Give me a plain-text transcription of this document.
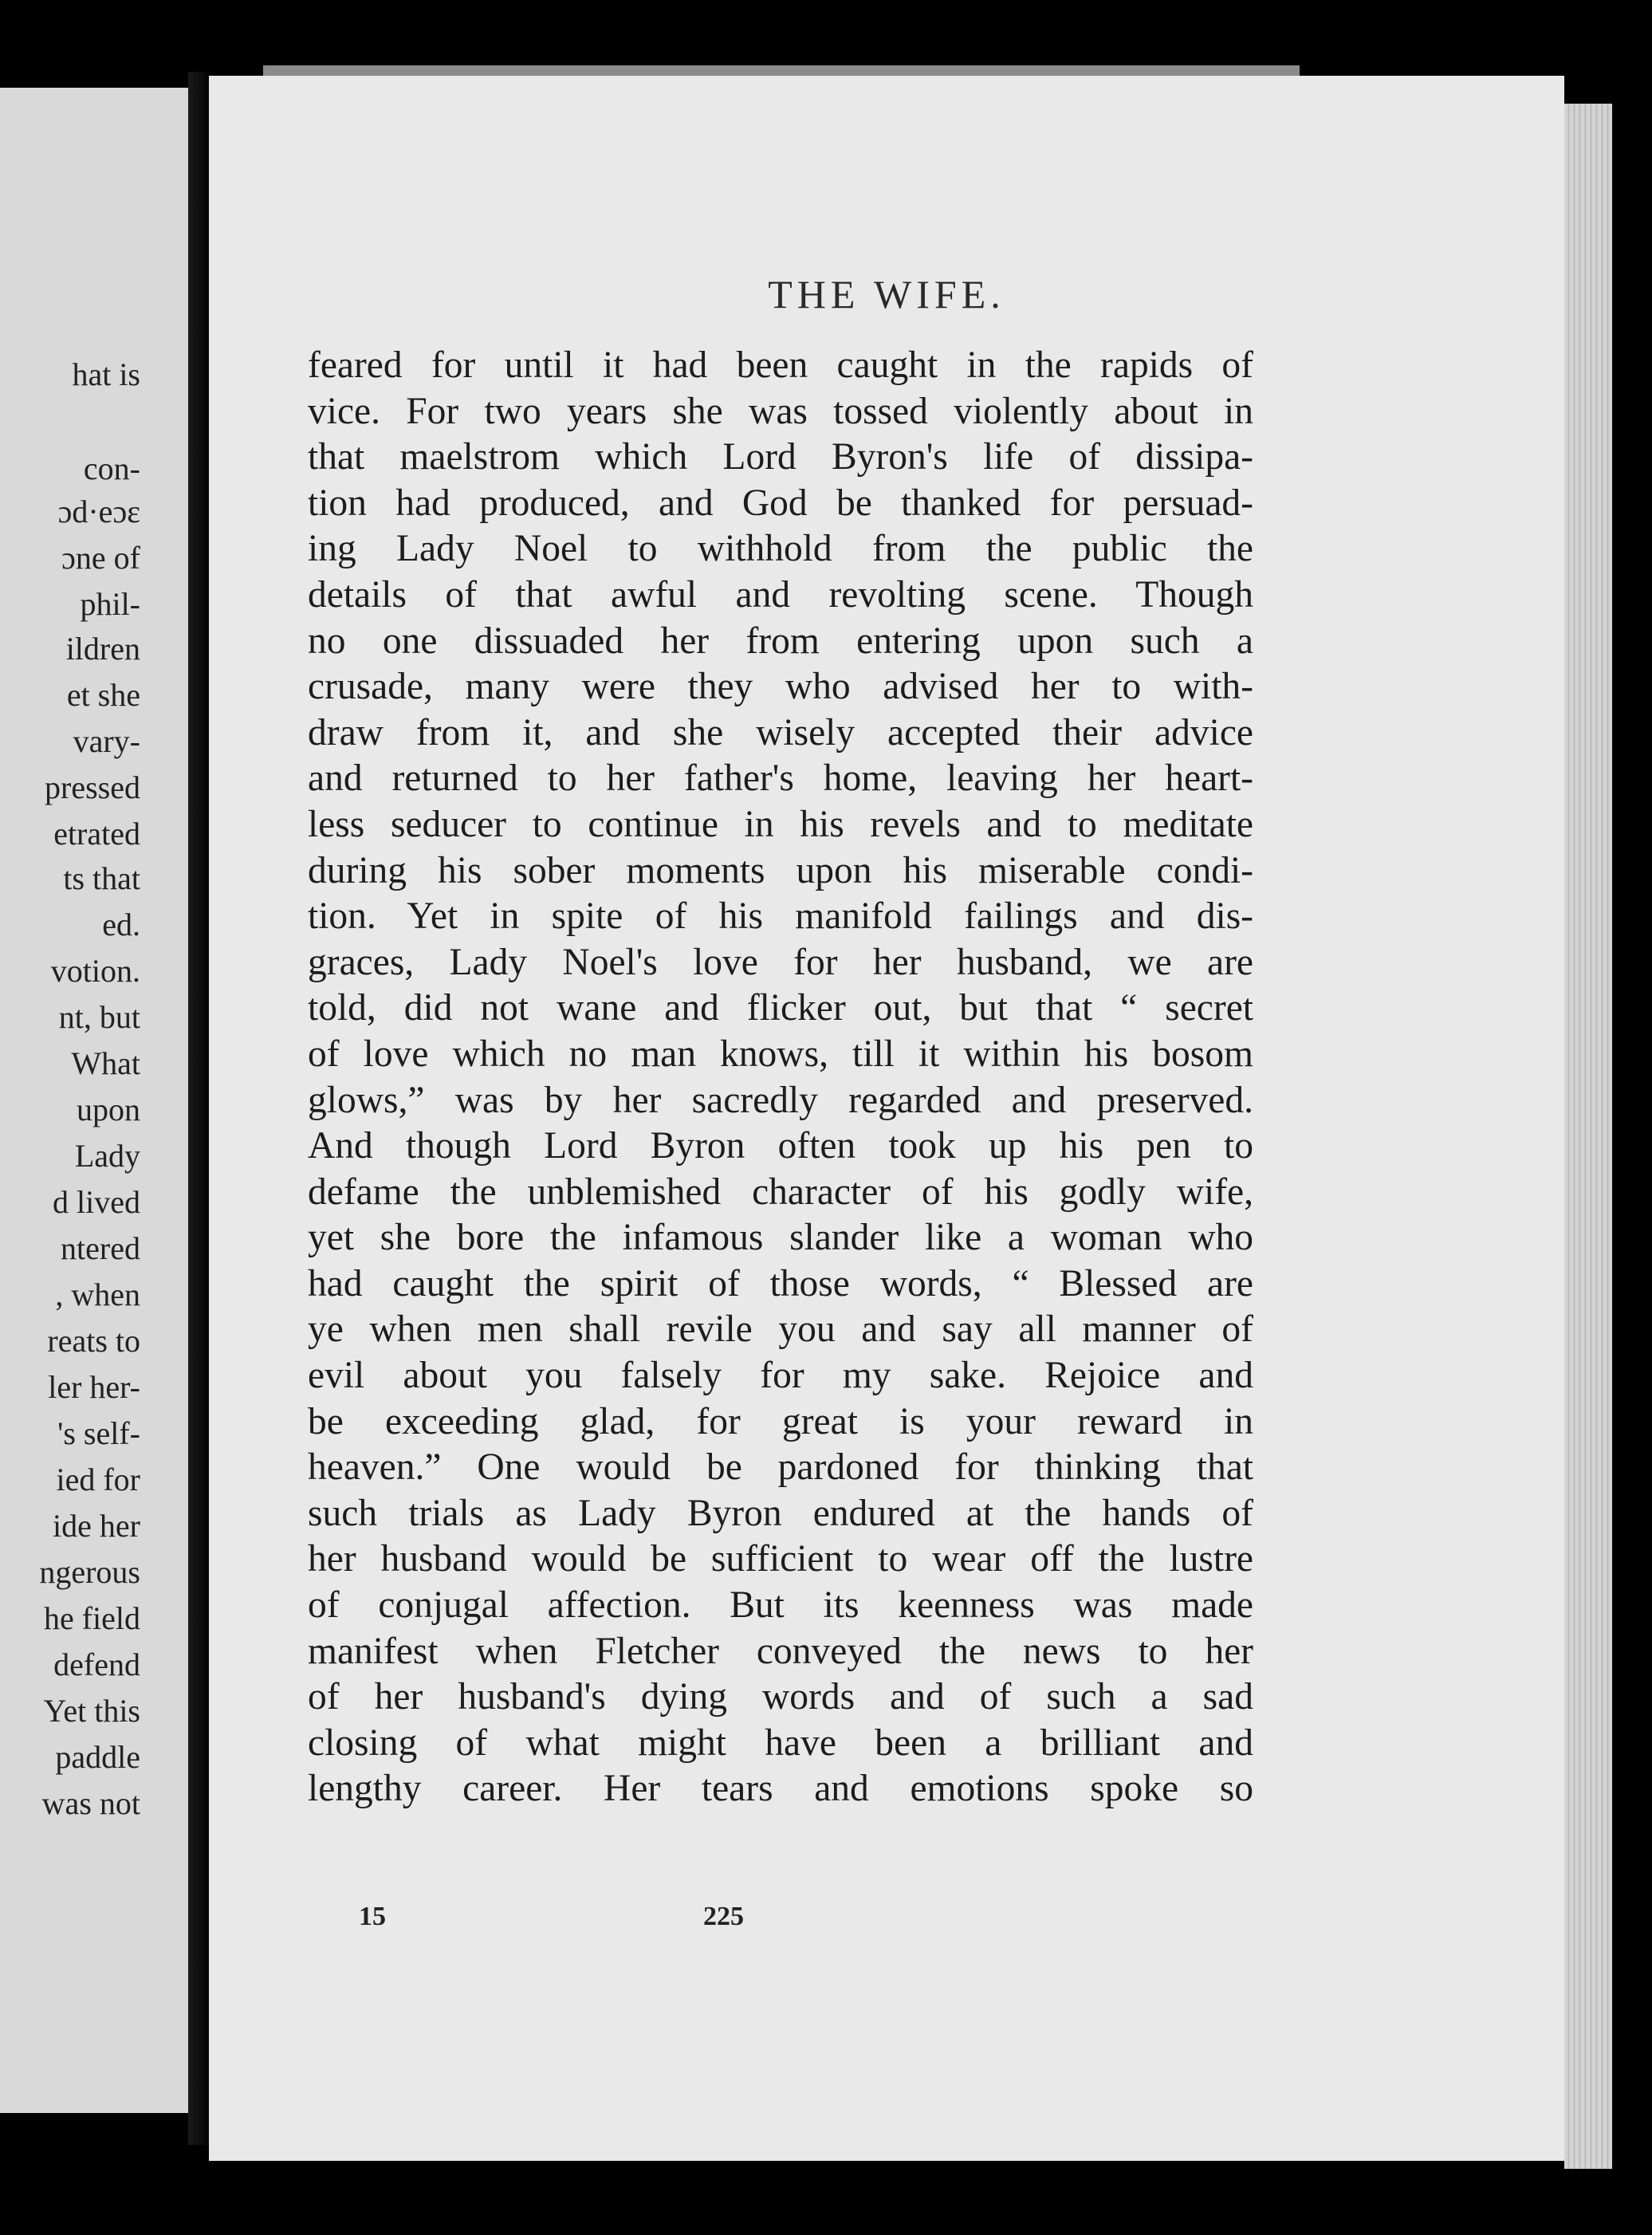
hat is
con-
ɔd·eɔɛ
ɔne of
phil-
ildren
et she
vary-
pressed
etrated
ts that
ed.
votion.
nt, but
What
upon
Lady
d lived
ntered
, when
reats to
ler her-
's self-
ied for
ide her
ngerous
he field
defend
Yet this
paddle
was not
THE WIFE.
feared for until it had been caught in the rapids of
vice. For two years she was tossed violently about in
that maelstrom which Lord Byron's life of dissipa-
tion had produced, and God be thanked for persuad-
ing Lady Noel to withhold from the public the
details of that awful and revolting scene. Though
no one dissuaded her from entering upon such a
crusade, many were they who advised her to with-
draw from it, and she wisely accepted their advice
and returned to her father's home, leaving her heart-
less seducer to continue in his revels and to meditate
during his sober moments upon his miserable condi-
tion. Yet in spite of his manifold failings and dis-
graces, Lady Noel's love for her husband, we are
told, did not wane and flicker out, but that “ secret
of love which no man knows, till it within his bosom
glows,” was by her sacredly regarded and preserved.
And though Lord Byron often took up his pen to
defame the unblemished character of his godly wife,
yet she bore the infamous slander like a woman who
had caught the spirit of those words, “ Blessed are
ye when men shall revile you and say all manner of
evil about you falsely for my sake. Rejoice and
be exceeding glad, for great is your reward in
heaven.” One would be pardoned for thinking that
such trials as Lady Byron endured at the hands of
her husband would be sufficient to wear off the lustre
of conjugal affection. But its keenness was made
manifest when Fletcher conveyed the news to her
of her husband's dying words and of such a sad
closing of what might have been a brilliant and
lengthy career. Her tears and emotions spoke so
15	225
